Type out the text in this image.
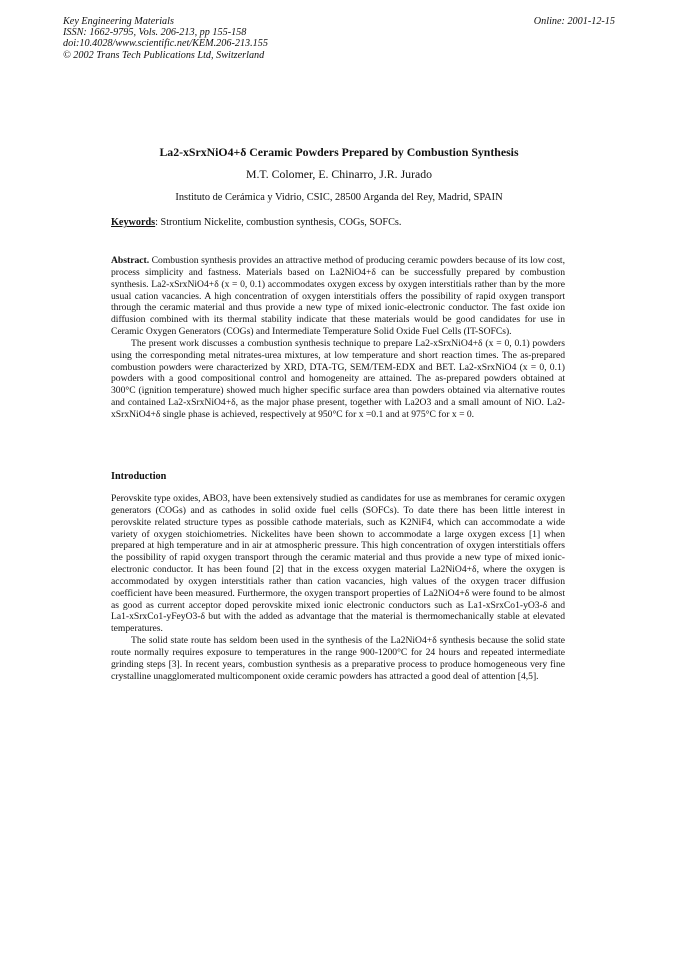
Key Engineering Materials
ISSN: 1662-9795, Vols. 206-213, pp 155-158
doi:10.4028/www.scientific.net/KEM.206-213.155
© 2002 Trans Tech Publications Ltd, Switzerland
Online: 2001-12-15
La2-xSrxNiO4+δ Ceramic Powders Prepared by Combustion Synthesis
M.T. Colomer, E. Chinarro, J.R. Jurado
Instituto de Cerámica y Vidrio, CSIC, 28500 Arganda del Rey, Madrid, SPAIN
Keywords: Strontium Nickelite, combustion synthesis, COGs, SOFCs.

Abstract. Combustion synthesis provides an attractive method of producing ceramic powders because of its low cost, process simplicity and fastness. Materials based on La2NiO4+δ can be successfully prepared by combustion synthesis. La2-xSrxNiO4+δ (x = 0, 0.1) accommodates oxygen excess by oxygen interstitials rather than by the more usual cation vacancies. A high concentration of oxygen interstitials offers the possibility of rapid oxygen transport through the ceramic material and thus provide a new type of mixed ionic-electronic conductor. The fast oxide ion diffusion combined with its thermal stability indicate that these materials would be good candidates for use in Ceramic Oxygen Generators (COGs) and Intermediate Temperature Solid Oxide Fuel Cells (IT-SOFCs).

The present work discusses a combustion synthesis technique to prepare La2-xSrxNiO4+δ (x = 0, 0.1) powders using the corresponding metal nitrates-urea mixtures, at low temperature and short reaction times. The as-prepared combustion powders were characterized by XRD, DTA-TG, SEM/TEM-EDX and BET. La2-xSrxNiO4 (x = 0, 0.1) powders with a good compositional control and homogeneity are attained. The as-prepared powders obtained at 300°C (ignition temperature) showed much higher specific surface area than powders obtained via alternative routes and contained La2-xSrxNiO4+δ, as the major phase present, together with La2O3 and a small amount of NiO. La2-xSrxNiO4+δ single phase is achieved, respectively at 950°C for x =0.1 and at 975°C for x = 0.

Introduction

Perovskite type oxides, ABO3, have been extensively studied as candidates for use as membranes for ceramic oxygen generators (COGs) and as cathodes in solid oxide fuel cells (SOFCs). To date there has been little interest in perovskite related structure types as possible cathode materials, such as K2NiF4, which can accommodate a wide variety of oxygen stoichiometries. Nickelites have been shown to accommodate a large oxygen excess [1] when prepared at high temperature and in air at atmospheric pressure. This high concentration of oxygen interstitials offers the possibility of rapid oxygen transport through the ceramic material and thus provide a new type of mixed ionic-electronic conductor. It has been found [2] that in the excess oxygen material La2NiO4+δ, where the oxygen is accommodated by oxygen interstitials rather than cation vacancies, high values of the oxygen tracer diffusion coefficient have been measured. Furthermore, the oxygen transport properties of La2NiO4+δ were found to be almost as good as current acceptor doped perovskite mixed ionic electronic conductors such as La1-xSrxCo1-yO3-δ and La1-xSrxCo1-yFeyO3-δ but with the added as advantage that the material is thermomechanically stable at elevated temperatures.

The solid state route has seldom been used in the synthesis of the La2NiO4+δ synthesis because the solid state route normally requires exposure to temperatures in the range 900-1200°C for 24 hours and repeated intermediate grinding steps [3]. In recent years, combustion synthesis as a preparative process to produce homogeneous very fine crystalline unagglomerated multicomponent oxide ceramic powders has attracted a good deal of attention [4,5].
